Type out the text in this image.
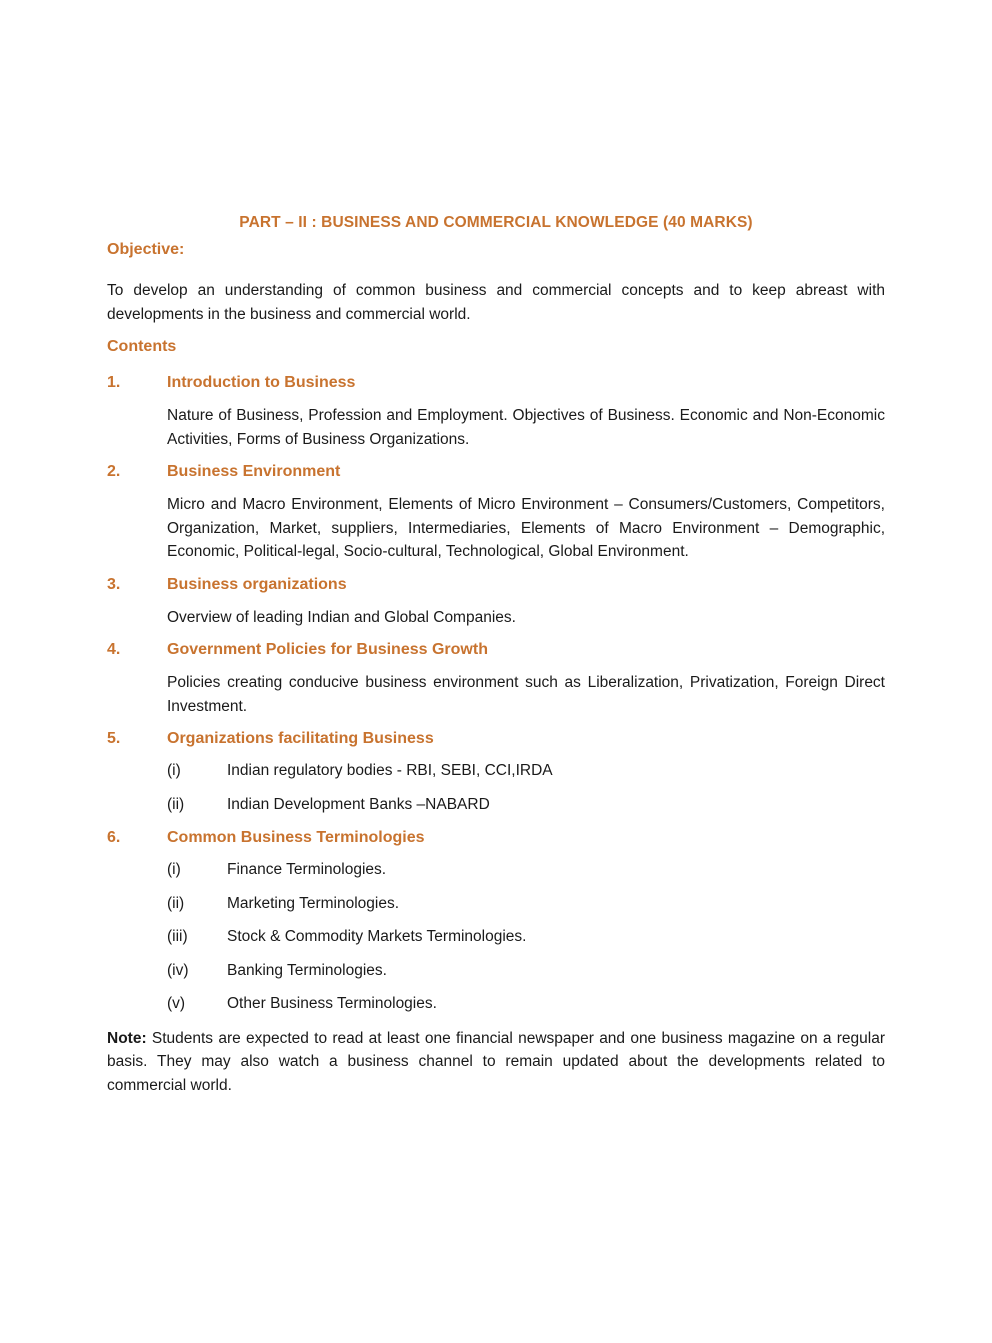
PART – II : BUSINESS AND COMMERCIAL KNOWLEDGE (40 MARKS)
Objective:

To develop an understanding of common business and commercial concepts and to keep abreast with developments in the business and commercial world.

Contents
1.	Introduction to Business
Nature of Business, Profession and Employment. Objectives of Business. Economic and Non-Economic Activities, Forms of Business Organizations.
2.	Business Environment
Micro and Macro Environment, Elements of Micro Environment – Consumers/Customers, Competitors, Organization, Market, suppliers, Intermediaries, Elements of Macro Environment – Demographic, Economic, Political-legal, Socio-cultural, Technological, Global Environment.
3.	Business organizations
Overview of leading Indian and Global Companies.
4.	Government Policies for Business Growth
Policies creating conducive business environment such as Liberalization, Privatization, Foreign Direct Investment.
5.	Organizations facilitating Business
(i)	Indian regulatory bodies - RBI, SEBI, CCI,IRDA
(ii)	Indian Development Banks –NABARD
6.	Common Business Terminologies
(i)	Finance Terminologies.
(ii)	Marketing Terminologies.
(iii)	Stock & Commodity Markets Terminologies.
(iv)	Banking Terminologies.
(v)	Other Business Terminologies.
Note: Students are expected to read at least one financial newspaper and one business magazine on a regular basis. They may also watch a business channel to remain updated about the developments related to commercial world.
